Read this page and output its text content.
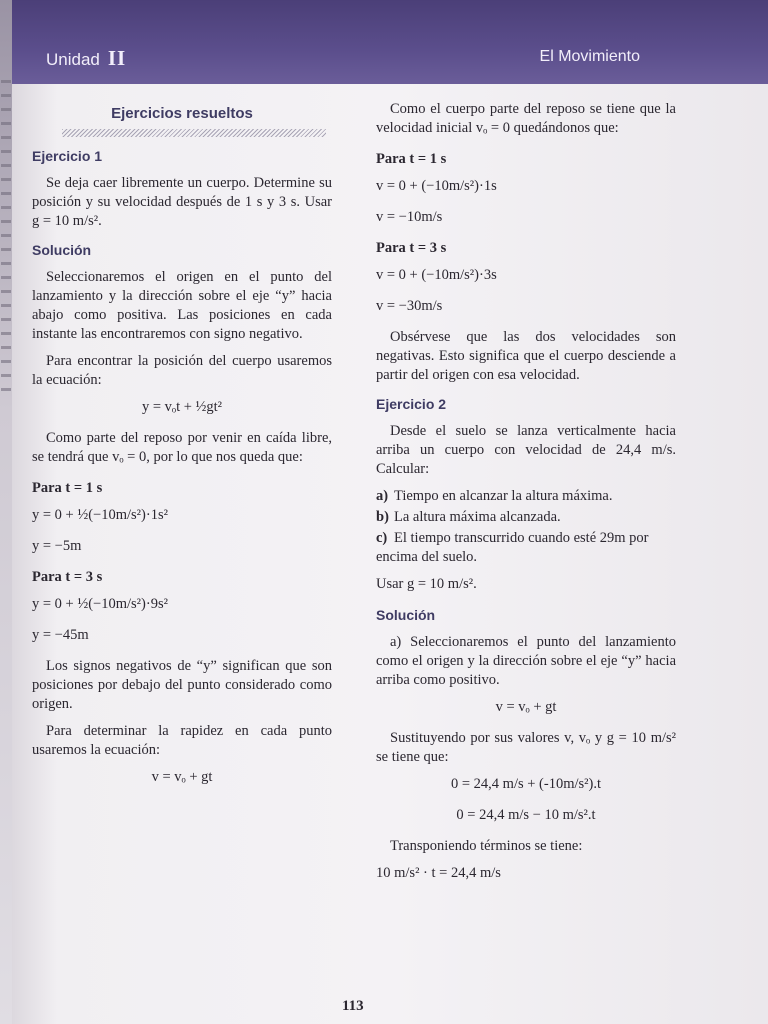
Unidad II	El Movimiento
Ejercicios resueltos
Ejercicio 1

Se deja caer libremente un cuerpo. Determine su posición y su velocidad después de 1 s y 3 s. Usar g = 10 m/s².

Solución

Seleccionaremos el origen en el punto del lanzamiento y la dirección sobre el eje “y” hacia abajo como positiva. Las posiciones en cada instante las encontraremos con signo negativo.

Para encontrar la posición del cuerpo usaremos la ecuación:

y = vₒt + ½gt²

Como parte del reposo por venir en caída libre, se tendrá que vₒ = 0, por lo que nos queda que:

Para t = 1 s
y = 0 + ½(−10m/s²)·1s²
y = −5m
Para t = 3 s
y = 0 + ½(−10m/s²)·9s²
y = −45m

Los signos negativos de “y” significan que son posiciones por debajo del punto considerado como origen.

Para determinar la rapidez en cada punto usaremos la ecuación:

v = vₒ + gt

Como el cuerpo parte del reposo se tiene que la velocidad inicial vₒ = 0 quedándonos que:

Para t = 1 s
v = 0 + (−10m/s²)·1s
v = −10m/s
Para t = 3 s
v = 0 + (−10m/s²)·3s
v = −30m/s

Obsérvese que las dos velocidades son negativas. Esto significa que el cuerpo desciende a partir del origen con esa velocidad.

Ejercicio 2

Desde el suelo se lanza verticalmente hacia arriba un cuerpo con velocidad de 24,4 m/s. Calcular:

a) Tiempo en alcanzar la altura máxima.
b) La altura máxima alcanzada.
c) El tiempo transcurrido cuando esté 29m por encima del suelo.
Usar g = 10 m/s².
Solución

a) Seleccionaremos el punto del lanzamiento como el origen y la dirección sobre el eje “y” hacia arriba como positivo.

v = vₒ + gt

Sustituyendo por sus valores v, vₒ y g = 10 m/s² se tiene que:

0 = 24,4 m/s + (-10m/s²).t
0 = 24,4 m/s − 10 m/s².t

Transponiendo términos se tiene:

10 m/s² · t = 24,4 m/s
113
